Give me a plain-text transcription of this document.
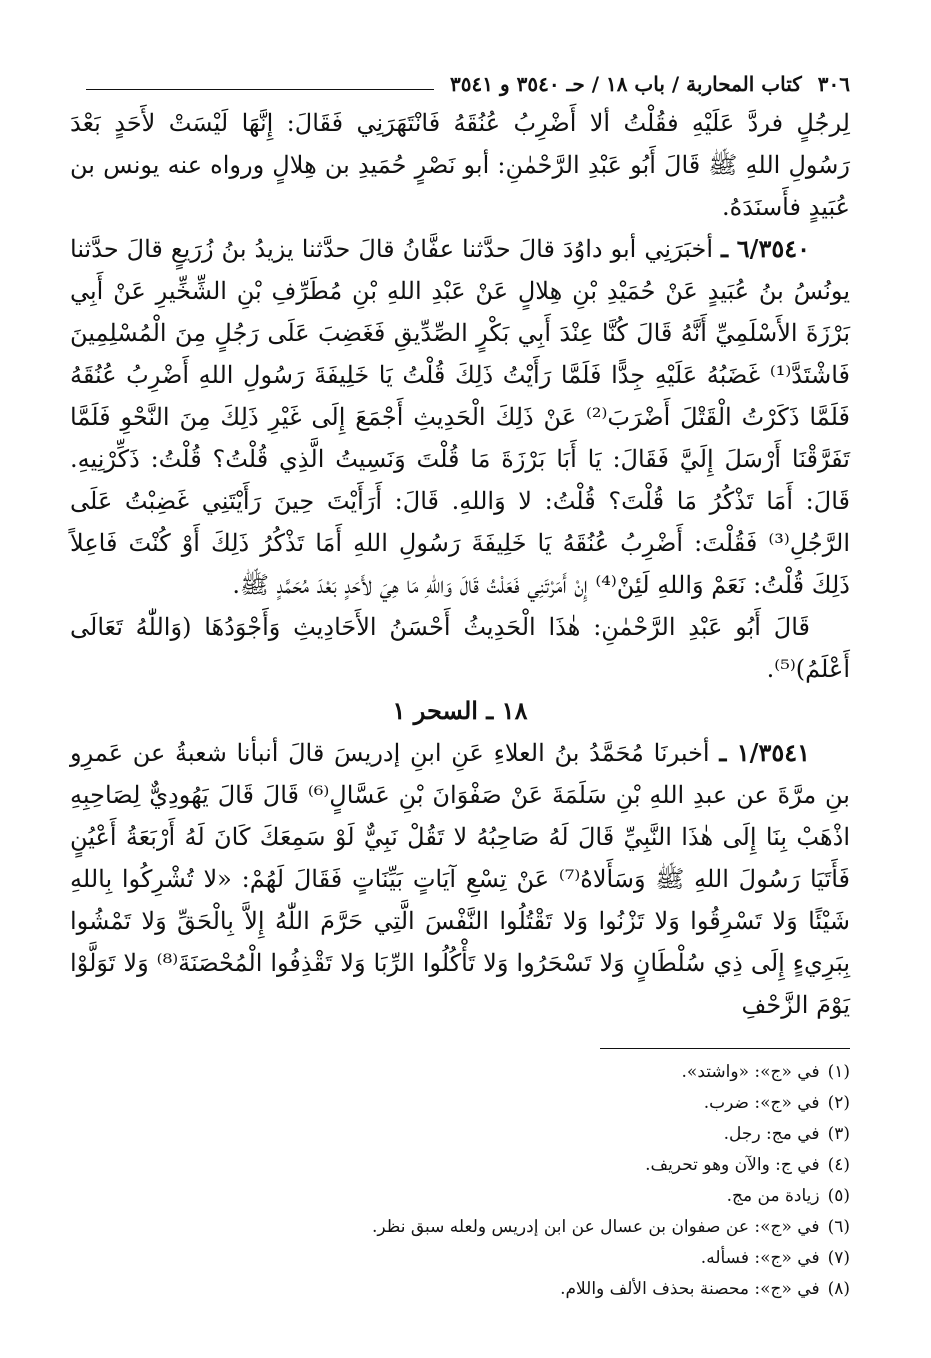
٣٠٦
كتاب المحاربة / باب ١٨ / حـ ٣٥٤٠ و ٣٥٤١

لِرجُلٍ فردَّ عَلَيْهِ فقُلْتُ ألا أَضْرِبُ عُنُقَهُ فَانْتَهَرَنِي فَقَالَ: إِنَّهَا لَيْسَتْ لأَحَدٍ بَعْدَ رَسُولِ اللهِ ﷺ قَالَ أَبُو عَبْدِ الرَّحْمٰنِ: أبو نَصْرٍ حُمَيدِ بن هِلالٍ ورواه عنه يونس بن عُبَيدٍ فأَسنَدَهُ.

٦/٣٥٤٠ ـ أخبَرَنِي أبو داوُدَ قالَ حدَّثنا عفَّانُ قالَ حدَّثنا يزيدُ بنُ زُرَيعٍ قالَ حدَّثنا يونُسُ بنُ عُبَيدٍ عَنْ حُمَيْدِ بْنِ هِلالٍ عَنْ عَبْدِ اللهِ بْنِ مُطَرِّفِ بْنِ الشِّخِّيرِ عَنْ أَبِي بَرْزَةَ الأَسْلَمِيِّ أَنَّهُ قَالَ كُنَّا عِنْدَ أَبِي بَكْرٍ الصِّدِّيقِ فَغَضِبَ عَلَى رَجُلٍ مِنَ الْمُسْلِمِينَ فَاشْتَدَّ⁽¹⁾ غَضَبُهُ عَلَيْهِ جِدًّا فَلَمَّا رَأَيْتُ ذَلِكَ قُلْتُ يَا خَلِيفَةَ رَسُولِ اللهِ أَضْرِبُ عُنُقَهُ فَلَمَّا ذَكَرْتُ الْقَتْلَ أَضْرَبَ⁽²⁾ عَنْ ذَلِكَ الْحَدِيثِ أَجْمَعَ إِلَى غَيْرِ ذَلِكَ مِنَ النَّحْوِ فَلَمَّا تَفَرَّقْنَا أَرْسَلَ إِلَيَّ فَقَالَ: يَا أَبَا بَرْزَةَ مَا قُلْتَ وَنَسِيتُ الَّذِي قُلْتُ؟ قُلْتُ: ذَكِّرْنِيهِ. قَالَ: أَمَا تَذْكُرُ مَا قُلْتَ؟ قُلْتُ: لا وَاللهِ. قَالَ: أَرَأَيْتَ حِينَ رَأَيْتَنِي غَضِبْتُ عَلَى الرَّجُلِ⁽³⁾ فَقُلْتَ: أَضْرِبُ عُنُقَهُ يَا خَلِيفَةَ رَسُولِ اللهِ أَمَا تَذْكُرُ ذَلِكَ أَوْ كُنْتَ فَاعِلاً ذَلِكَ قُلْتُ: نَعَمْ وَاللهِ لَئِنْ⁽⁴⁾ إِنْ أَمَرْتَنِي فَعَلْتُ قَالَ وَاللهِ مَا هِيَ لأَحَدٍ بَعْدَ مُحَمَّدٍ ﷺ.

قَالَ أَبُو عَبْدِ الرَّحْمٰنِ: هٰذَا الْحَدِيثُ أَحْسَنُ الأَحَادِيثِ وَأَجْوَدُهَا (وَاللّٰهُ تَعَالَى أَعْلَمُ)⁽⁵⁾.

١٨ ـ السحر ١

١/٣٥٤١ ـ أخبرنَا مُحَمَّدُ بنُ العلاءِ عَنِ ابنِ إدريسَ قالَ أنبأنا شعبةُ عن عَمرِو بنِ مرَّةَ عن عبدِ اللهِ بْنِ سَلَمَةَ عَنْ صَفْوَانَ بْنِ عَسَّالٍ⁽⁶⁾ قَالَ قَالَ يَهُودِيٌّ لِصَاحِبِهِ اذْهَبْ بِنَا إِلَى هٰذَا النَّبِيِّ قَالَ لَهُ صَاحِبُهُ لا تَقُلْ نَبِيٌّ لَوْ سَمِعَكَ كَانَ لَهُ أَرْبَعَةُ أَعْيُنٍ فَأَتَيَا رَسُولَ اللهِ ﷺ وَسَأَلاهُ⁽⁷⁾ عَنْ تِسْعِ آيَاتٍ بَيِّنَاتٍ فَقَالَ لَهُمْ: «لا تُشْرِكُوا بِاللهِ شَيْئًا وَلا تَسْرِقُوا وَلا تَزْنُوا وَلا تَقْتُلُوا النَّفْسَ الَّتِي حَرَّمَ اللّٰهُ إِلاَّ بِالْحَقِّ وَلا تَمْشُوا بِبَرِيءٍ إِلَى ذِي سُلْطَانٍ وَلا تَسْحَرُوا وَلا تَأْكُلُوا الرِّبَا وَلا تَقْذِفُوا الْمُحْصَنَةَ⁽⁸⁾ وَلا تَوَلَّوْا يَوْمَ الزَّحْفِ

(١)
في «ج»: «واشتد».
(٢)
في «ج»: ضرب.
(٣)
في مج: رجل.
(٤)
في ج: والآن وهو تحريف.
(٥)
زيادة من مج.
(٦)
في «ج»: عن صفوان بن عسال عن ابن إدريس ولعله سبق نظر.
(٧)
في «ج»: فسأله.
(٨)
في «ج»: محصنة بحذف الألف واللام.
